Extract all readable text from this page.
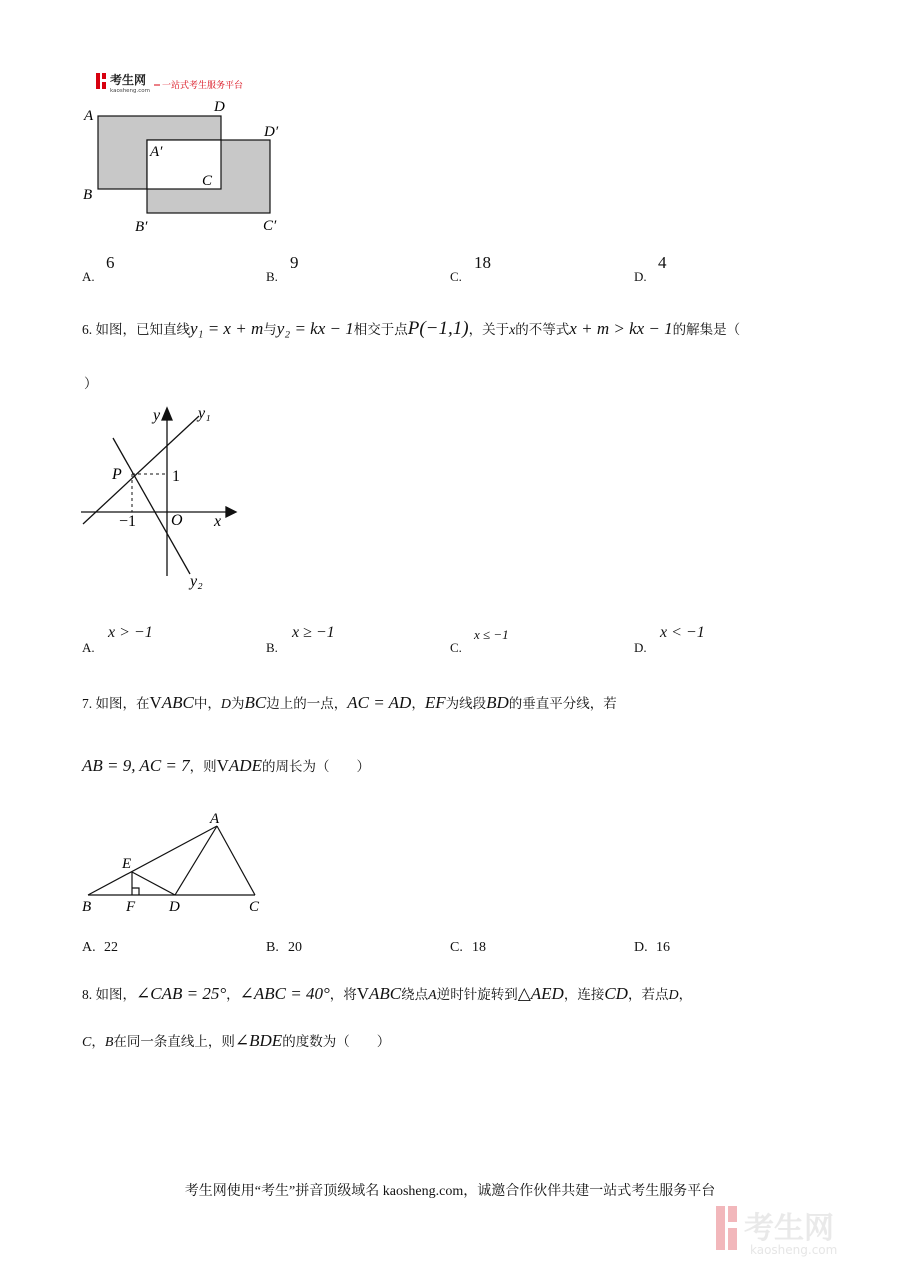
考生网
kaosheng.com 一站式考生服务平台
A
D
D′
A′
C
B
B′	C′
A.
6
B.
9
C.
18
D.
4
6. 如图，已知直线y₁ = x + m与y₂ = kx − 1相交于点P(−1,1)，关于x的不等式x + m > kx − 1的解集是（
）
y y₁
P	1
−1 O x
y₂
A.
x > −1
B.
x ≥ −1
C.
x ≤ −1
D.
x < −1
7. 如图，在VABC中，D为BC边上的一点，AC = AD，EF为线段BD的垂直平分线，若
AB = 9, AC = 7，则VADE的周长为（　　）
A
E
B F D	C
A. 22	B. 20	C. 18	D. 16
8. 如图，∠CAB = 25°，∠ABC = 40°，将VABC绕点A逆时针旋转到△AED，连接CD，若点D，
C，B在同一条直线上，则∠BDE的度数为（　　）
考生网使用“考生”拼音顶级域名 kaosheng.com，诚邀合作伙伴共建一站式考生服务平台
考生网
kaosheng.com
